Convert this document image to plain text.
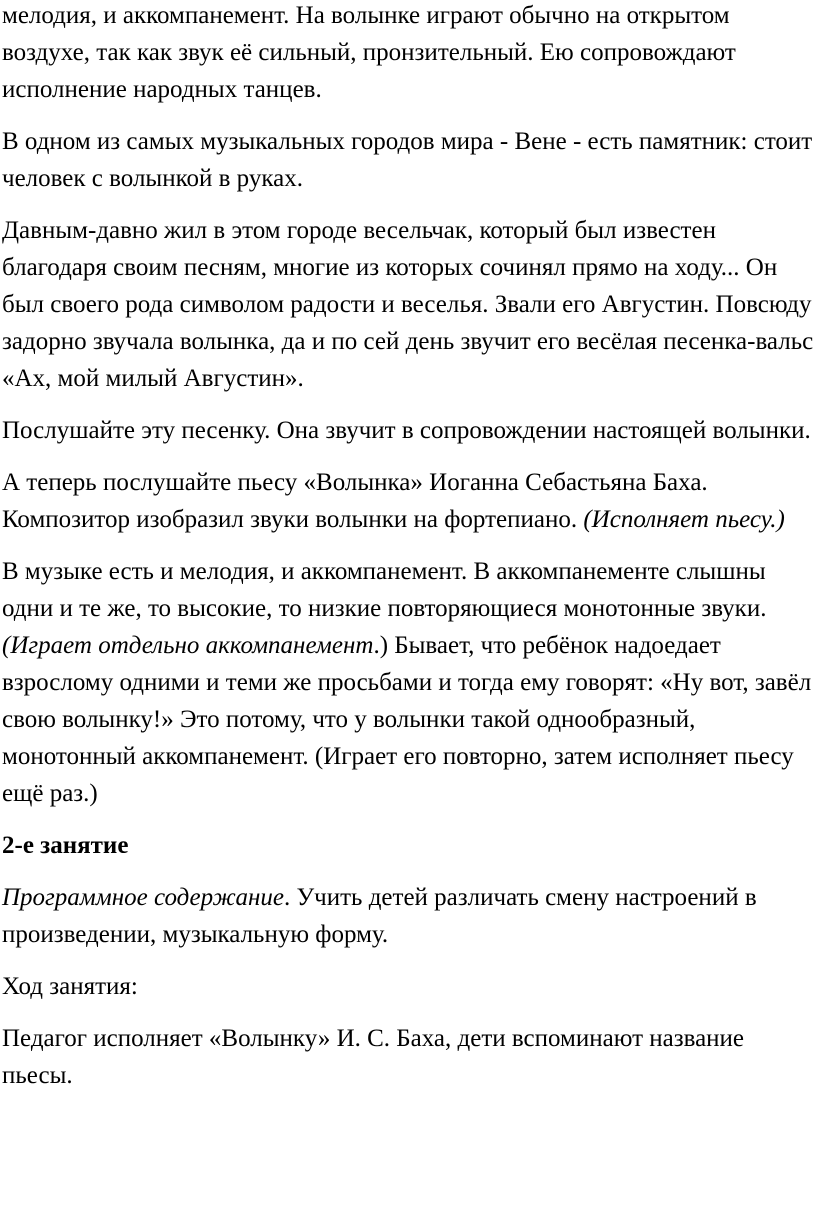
мелодия, и аккомпанемент. На волынке играют обычно на открытом воздухе, так как звук её сильный, пронзительный. Ею сопровождают исполнение народных танцев.

В одном из самых музыкальных городов мира - Вене - есть памятник: стоит человек с волынкой в руках.

Давным-давно жил в этом городе весельчак, который был известен благодаря своим песням, многие из которых сочинял прямо на ходу... Он был своего рода символом радости и веселья. Звали его Августин. Повсюду задорно звучала волынка, да и по сей день звучит его весёлая песенка-вальс «Ах, мой милый Августин».

Послушайте эту песенку. Она звучит в сопровождении настоящей волынки.

А теперь послушайте пьесу «Волынка» Иоганна Себастьяна Баха. Композитор изобразил звуки волынки на фортепиано. (Исполняет пьесу.)

В музыке есть и мелодия, и аккомпанемент. В аккомпанементе слышны одни и те же, то высокие, то низкие повторяющиеся монотонные звуки. (Играет отдельно аккомпанемент.) Бывает, что ребёнок надоедает взрослому одними и теми же просьбами и тогда ему говорят: «Ну вот, завёл свою волынку!» Это потому, что у волынки такой однообразный, монотонный аккомпанемент. (Играет его повторно, затем исполняет пьесу ещё раз.)

2-е занятие

Программное содержание. Учить детей различать смену настроений в произведении, музыкальную форму.

Ход занятия:

Педагог исполняет «Волынку» И. С. Баха, дети вспоминают название пьесы.
